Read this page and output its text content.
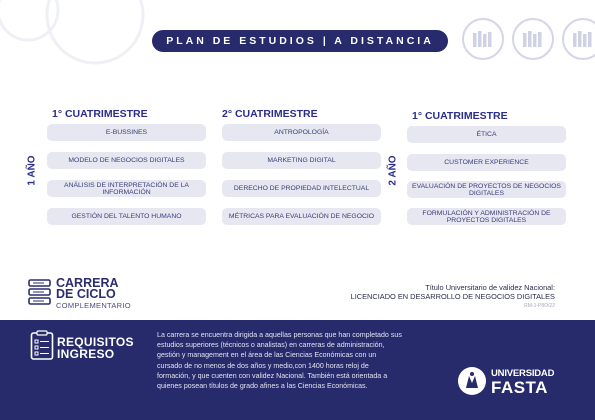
PLAN DE ESTUDIOS | A DISTANCIA
1 AÑO	2 AÑO
1° CUATRIMESTRE
E-BUSSINES
MODELO DE NEGOCIOS DIGITALES
ANÁLISIS DE INTERPRETACIÓN DE LA INFORMACIÓN
GESTIÓN DEL TALENTO HUMANO
2° CUATRIMESTRE
ANTROPOLOGÍA
MARKETING DIGITAL
DERECHO DE PROPIEDAD INTELECTUAL
MÉTRICAS PARA EVALUACIÓN DE NEGOCIO
1° CUATRIMESTRE
ÉTICA
CUSTOMER EXPERIENCE
EVALUACIÓN DE PROYECTOS DE NEGOCIOS DIGITALES
FORMULACIÓN Y ADMINISTRACIÓN DE PROYECTOS DIGITALES
CARRERA
DE CICLO
COMPLEMENTARIO
Título Universitario de validez Nacional:
LICENCIADO EN DESARROLLO DE NEGOCIOS DIGITALES
RM-1-P8O/22
REQUISITOS
INGRESO
La carrera se encuentra dirigida a aquellas personas que han completado sus estudios superiores (técnicos o analistas) en carreras de administración, gestión y management en el área de las Ciencias Económicas con un cursado de no menos de dos años y medio,con 1400 horas reloj de formación, y que cuenten con validez Nacional. También está orientada a quienes posean títulos de grado afines a las Ciencias Económicas.
UNIVERSIDAD
FASTA
